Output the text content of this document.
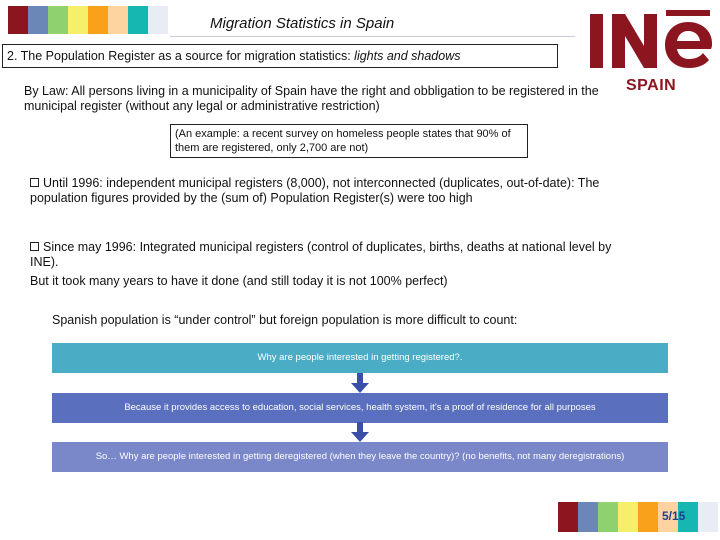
Migration Statistics in Spain
SPAIN
2. The Population Register as a source for migration statistics: lights and shadows
By Law: All persons living in a municipality of Spain have the right and obbligation to be registered in the municipal register (without any legal or administrative restriction)
(An example: a recent survey on homeless people states that 90% of them are registered, only 2,700 are not)
Until 1996: independent municipal registers (8,000), not interconnected (duplicates, out-of-date): The population figures provided by the (sum of) Population Register(s) were too high
Since may 1996: Integrated municipal registers (control of duplicates, births, deaths at national level by INE).
But it took many years to have it done (and still today it is not 100% perfect)
Spanish population is “under control” but foreign population is more difficult to count:
Why are people interested in getting registered?.
Because it provides access to education, social services, health system, it’s a proof of residence for all purposes
So… Why are people interested in getting deregistered (when they leave the country)? (no benefits, not many deregistrations)
5/15
